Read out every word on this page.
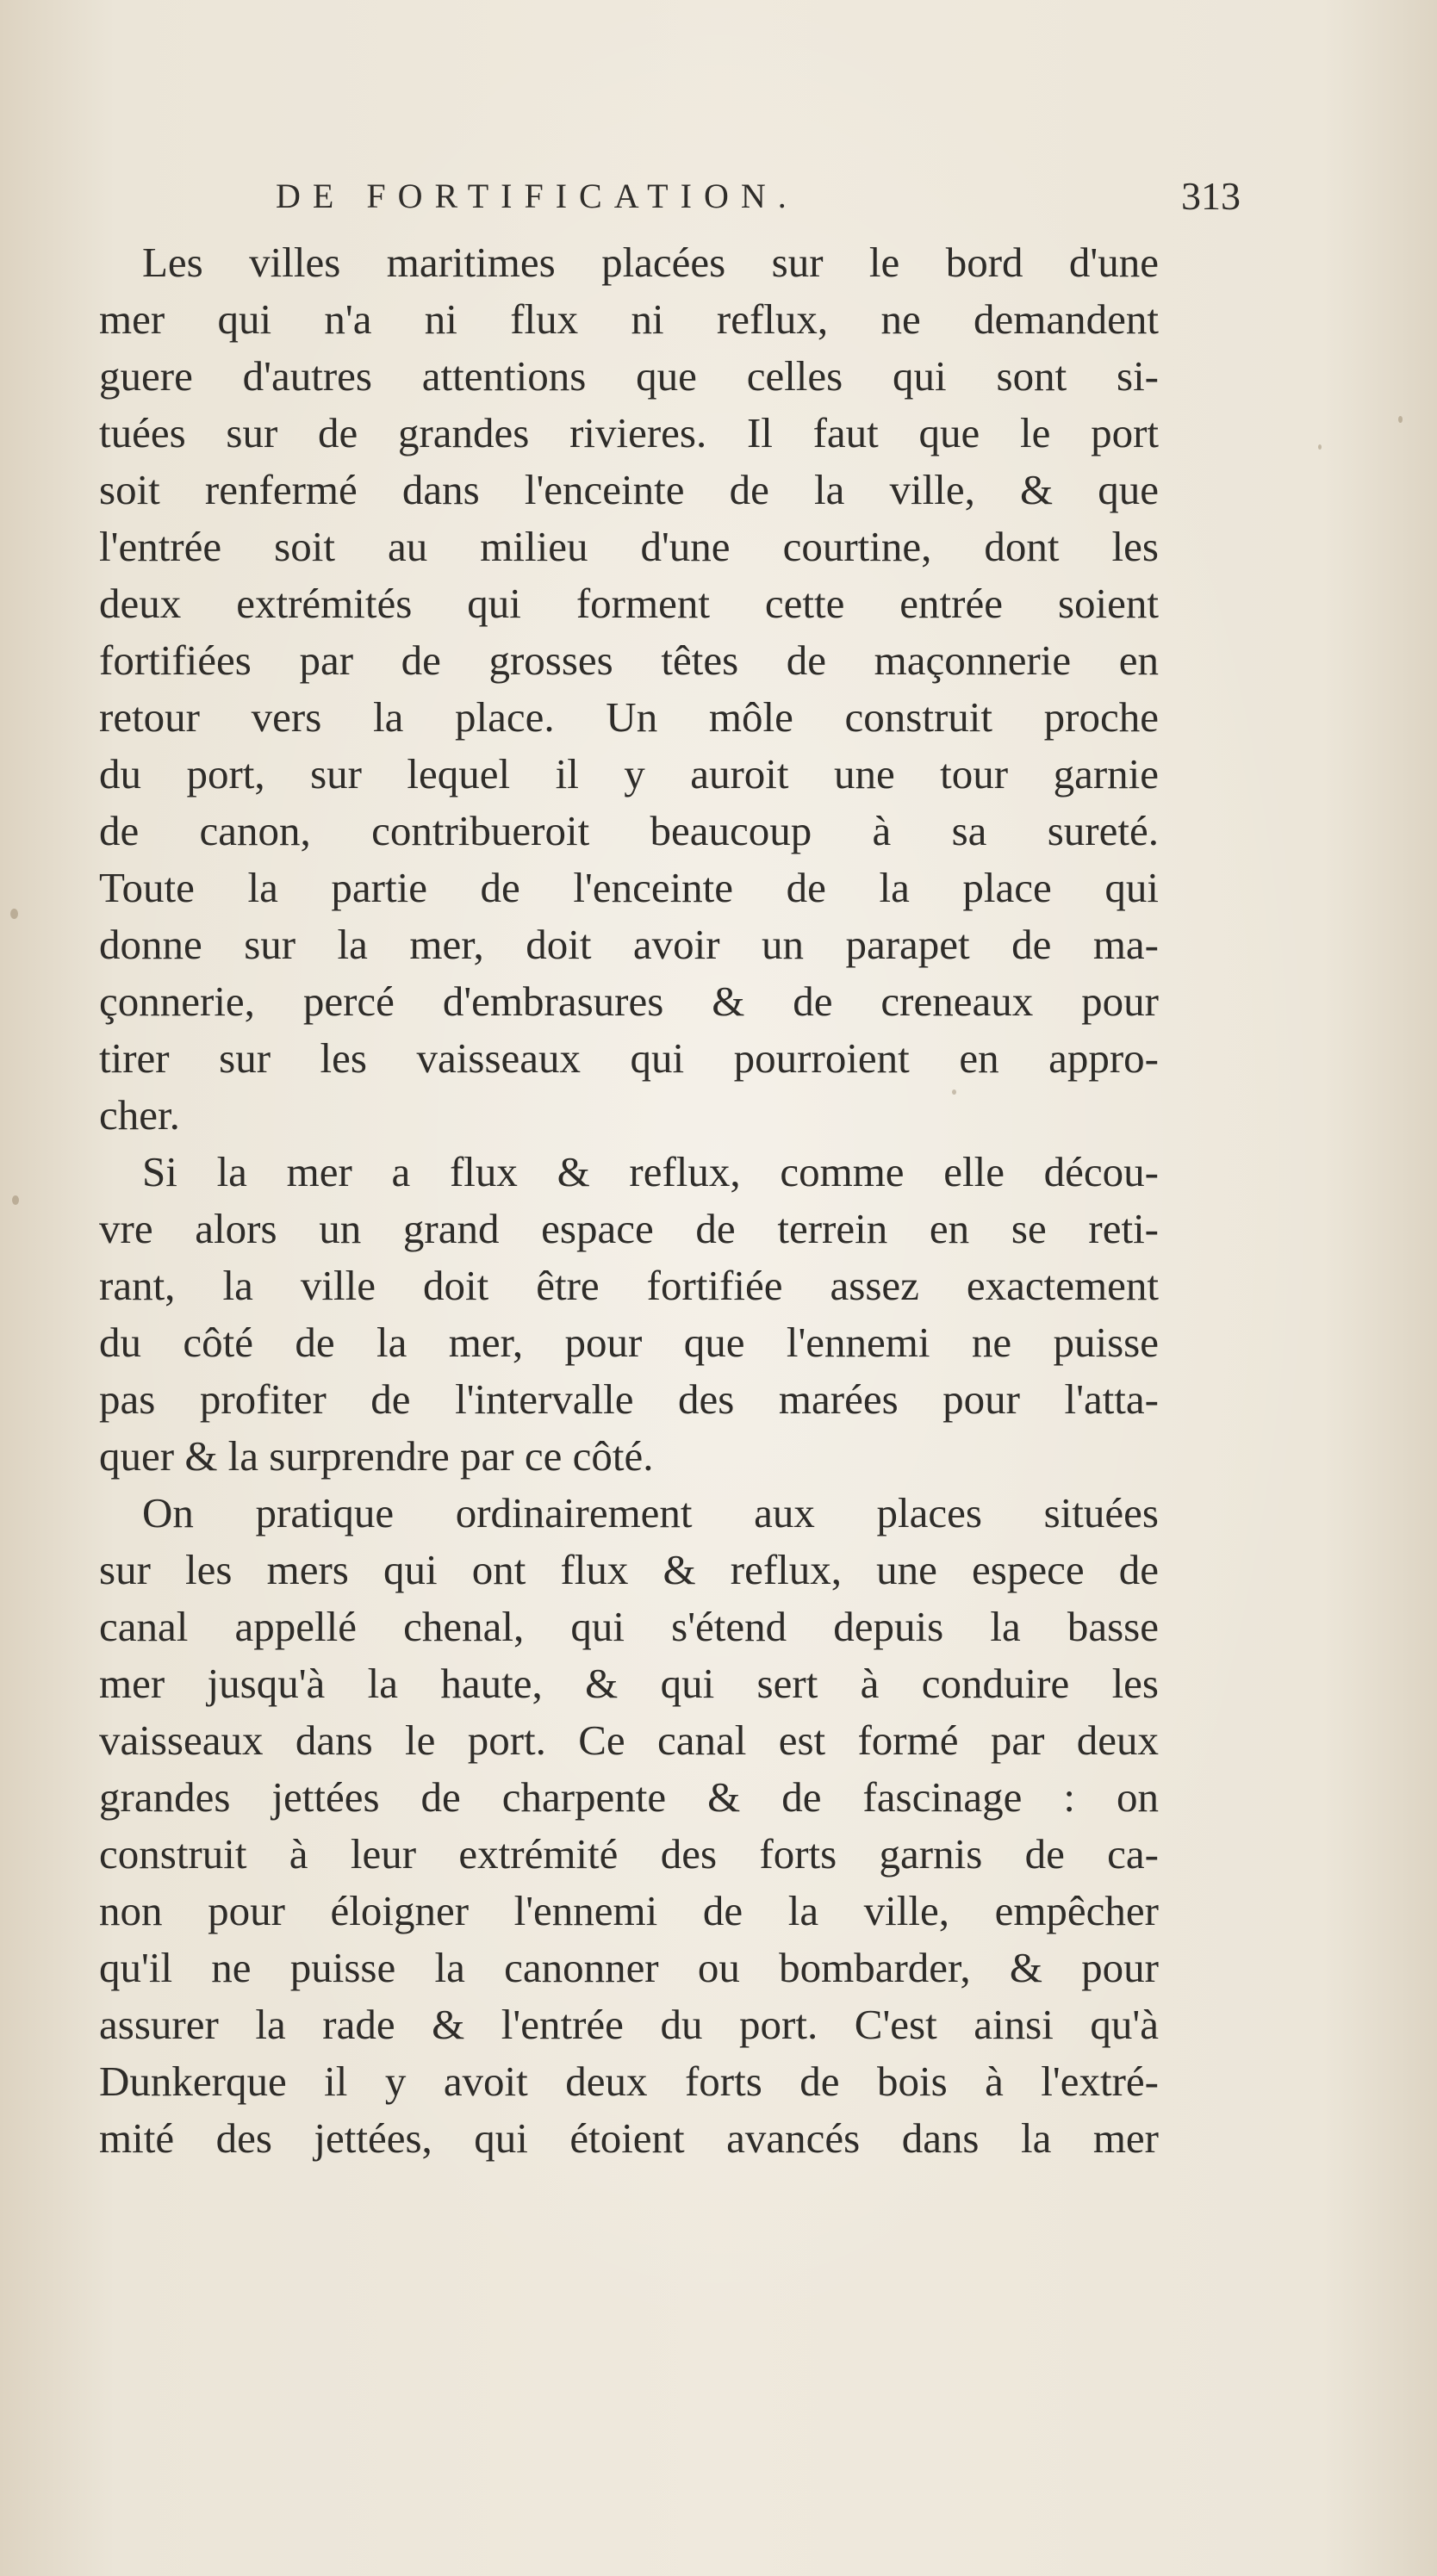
DE FORTIFICATION.	313
Les villes maritimes placées sur le bord d'une
mer qui n'a ni flux ni reflux, ne demandent
guere d'autres attentions que celles qui sont si-
tuées sur de grandes rivieres. Il faut que le port
soit renfermé dans l'enceinte de la ville, & que
l'entrée soit au milieu d'une courtine, dont les
deux extrémités qui forment cette entrée soient
fortifiées par de grosses têtes de maçonnerie en
retour vers la place. Un môle construit proche
du port, sur lequel il y auroit une tour garnie
de canon, contribueroit beaucoup à sa sureté.
Toute la partie de l'enceinte de la place qui
donne sur la mer, doit avoir un parapet de ma-
çonnerie, percé d'embrasures & de creneaux pour
tirer sur les vaisseaux qui pourroient en appro-
cher.
Si la mer a flux & reflux, comme elle décou-
vre alors un grand espace de terrein en se reti-
rant, la ville doit être fortifiée assez exactement
du côté de la mer, pour que l'ennemi ne puisse
pas profiter de l'intervalle des marées pour l'atta-
quer & la surprendre par ce côté.
On pratique ordinairement aux places situées
sur les mers qui ont flux & reflux, une espece de
canal appellé chenal, qui s'étend depuis la basse
mer jusqu'à la haute, & qui sert à conduire les
vaisseaux dans le port. Ce canal est formé par deux
grandes jettées de charpente & de fascinage : on
construit à leur extrémité des forts garnis de ca-
non pour éloigner l'ennemi de la ville, empêcher
qu'il ne puisse la canonner ou bombarder, & pour
assurer la rade & l'entrée du port. C'est ainsi qu'à
Dunkerque il y avoit deux forts de bois à l'extré-
mité des jettées, qui étoient avancés dans la mer
